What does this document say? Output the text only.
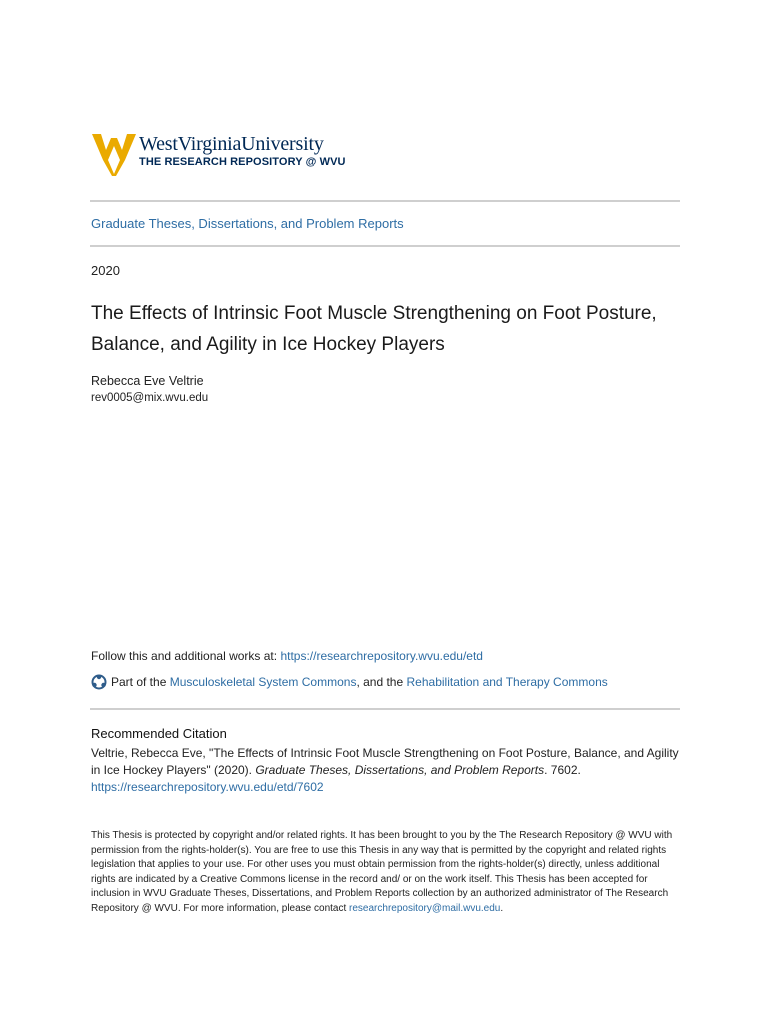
WestVirginiaUniversity
THE RESEARCH REPOSITORY @ WVU
Graduate Theses, Dissertations, and Problem Reports
2020
The Effects of Intrinsic Foot Muscle Strengthening on Foot Posture, Balance, and Agility in Ice Hockey Players
Rebecca Eve Veltrie
rev0005@mix.wvu.edu
Follow this and additional works at: https://researchrepository.wvu.edu/etd
Part of the
Musculoskeletal System Commons , and the
Rehabilitation and Therapy Commons
Recommended Citation
Veltrie, Rebecca Eve, "The Effects of Intrinsic Foot Muscle Strengthening on Foot Posture, Balance, and Agility in Ice Hockey Players" (2020). Graduate Theses, Dissertations, and Problem Reports. 7602.
https://researchrepository.wvu.edu/etd/7602
This Thesis is protected by copyright and/or related rights. It has been brought to you by the The Research Repository @ WVU with permission from the rights-holder(s). You are free to use this Thesis in any way that is permitted by the copyright and related rights legislation that applies to your use. For other uses you must obtain permission from the rights-holder(s) directly, unless additional rights are indicated by a Creative Commons license in the record and/ or on the work itself. This Thesis has been accepted for inclusion in WVU Graduate Theses, Dissertations, and Problem Reports collection by an authorized administrator of The Research Repository @ WVU. For more information, please contact researchrepository@mail.wvu.edu.
